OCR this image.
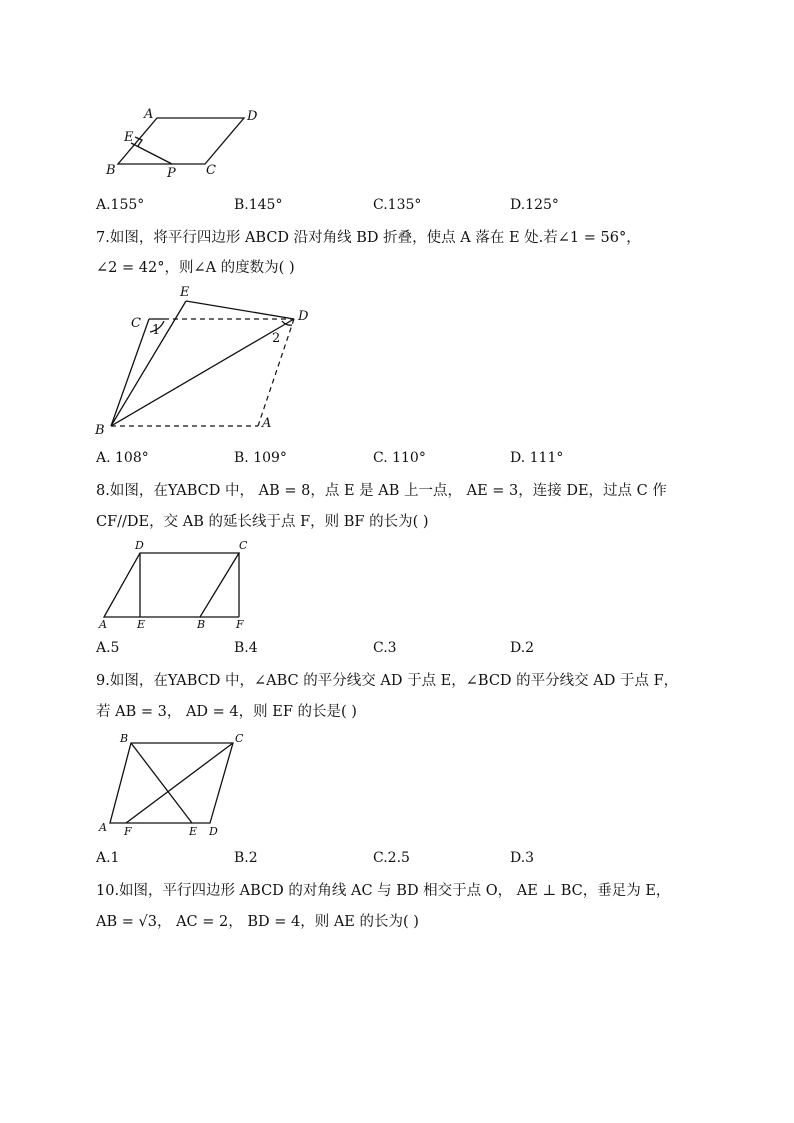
A	D
E
B	P C
A.155°	B.145°	C.135°	D.125°
7.如图，将平行四边形 ABCD 沿对角线 BD 折叠，使点 A 落在 E 处.若∠1 = 56°，
∠2 = 42°，则∠A 的度数为( )
E
C	D
1
2
B	A
A. 108°	B. 109°	C. 110°	D. 111°
8.如图，在YABCD 中， AB = 8，点 E 是 AB 上一点， AE = 3，连接 DE，过点 C 作
CF//DE，交 AB 的延长线于点 F，则 BF 的长为( )
D	C
A	E	B	F
A.5	B.4	C.3	D.2
9.如图，在YABCD 中，∠ABC 的平分线交 AD 于点 E，∠BCD 的平分线交 AD 于点 F，
若 AB = 3， AD = 4，则 EF 的长是( )
B	C
A F	E D
A.1	B.2	C.2.5	D.3
10.如图，平行四边形 ABCD 的对角线 AC 与 BD 相交于点 O， AE ⊥ BC，垂足为 E，
AB = √3， AC = 2， BD = 4，则 AE 的长为( )
